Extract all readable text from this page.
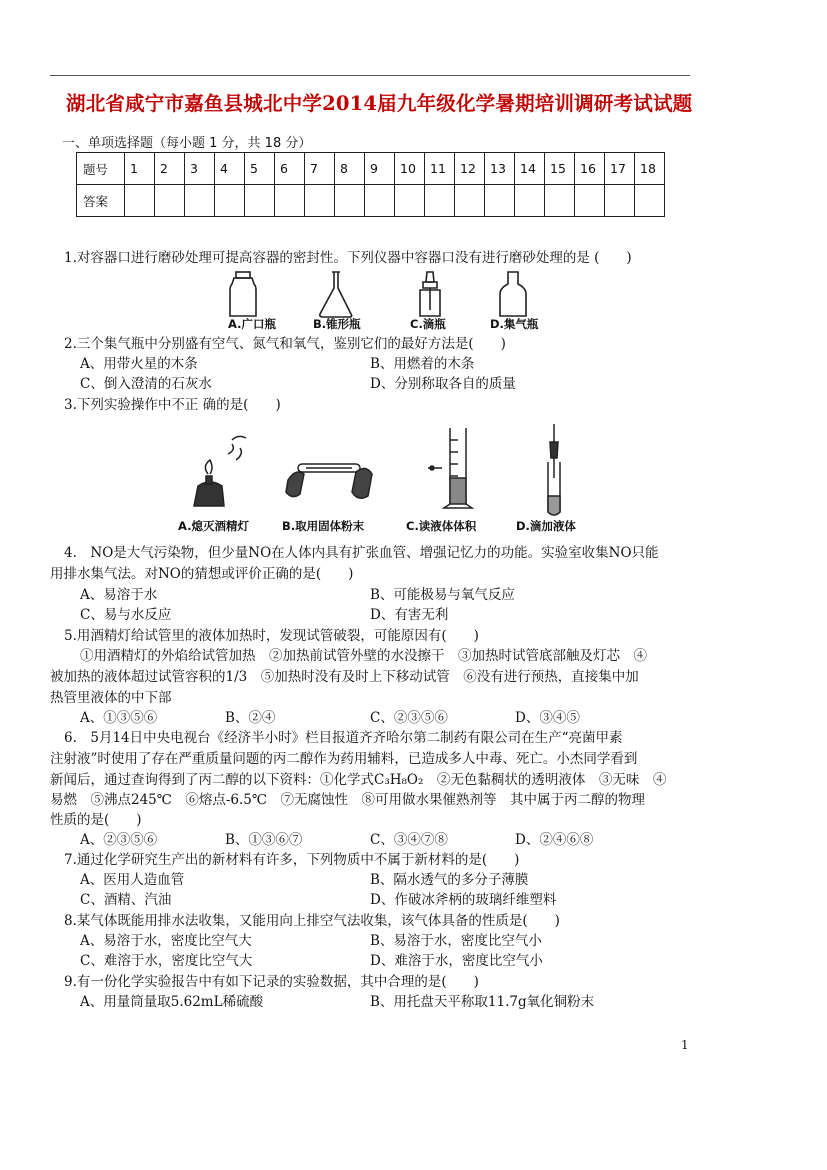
湖北省咸宁市嘉鱼县城北中学2014届九年级化学暑期培训调研考试试题
一、单项选择题（每小题 1 分，共 18 分）
题号	1	2	3	4	5	6	7	8	9	10	11	12	13	14	15	16	17	18
答案																		
1.对容器口进行磨砂处理可提高容器的密封性。下列仪器中容器口没有进行磨砂处理的是 (　　)
A.广口瓶	B.锥形瓶	C.滴瓶	D.集气瓶
2.三个集气瓶中分别盛有空气、氮气和氧气，鉴别它们的最好方法是(　　)
A、用带火星的木条	B、用燃着的木条
C、倒入澄清的石灰水	D、分别称取各自的质量
3.下列实验操作中不正 确的是(　　)
A.熄灭酒精灯	B.取用固体粉末	C.读液体体积	D.滴加液体
4.　NO是大气污染物，但少量NO在人体内具有扩张血管、增强记忆力的功能。实验室收集NO只能
用排水集气法。对NO的猜想或评价正确的是(　　)
A、易溶于水	B、可能极易与氧气反应
C、易与水反应	D、有害无利
5.用酒精灯给试管里的液体加热时，发现试管破裂，可能原因有(　　)
①用酒精灯的外焰给试管加热　②加热前试管外壁的水没擦干　③加热时试管底部触及灯芯　④
被加热的液体超过试管容积的1/3　⑤加热时没有及时上下移动试管　⑥没有进行预热，直接集中加
热管里液体的中下部
A、①③⑤⑥	B、②④	C、②③⑤⑥	D、③④⑤
6.　5月14日中央电视台《经济半小时》栏目报道齐齐哈尔第二制药有限公司在生产“亮菌甲素
注射液”时使用了存在严重质量问题的丙二醇作为药用辅料，已造成多人中毒、死亡。小杰同学看到
新闻后，通过查询得到了丙二醇的以下资料：①化学式C₃H₈O₂　②无色黏稠状的透明液体　③无味　④
易燃　⑤沸点245℃　⑥熔点-6.5℃　⑦无腐蚀性　⑧可用做水果催熟剂等　其中属于丙二醇的物理
性质的是(　　)
A、②③⑤⑥	B、①③⑥⑦	C、③④⑦⑧	D、②④⑥⑧
7.通过化学研究生产出的新材料有许多，下列物质中不属于新材料的是(　　)
A、医用人造血管	B、隔水透气的多分子薄膜
C、酒精、汽油	D、作破冰斧柄的玻璃纤维塑料
8.某气体既能用排水法收集，又能用向上排空气法收集，该气体具备的性质是(　　)
A、易溶于水，密度比空气大	B、易溶于水，密度比空气小
C、难溶于水，密度比空气大	D、难溶于水，密度比空气小
9.有一份化学实验报告中有如下记录的实验数据，其中合理的是(　　)
A、用量筒量取5.62mL稀硫酸	B、用托盘天平称取11.7g氧化铜粉末
1
